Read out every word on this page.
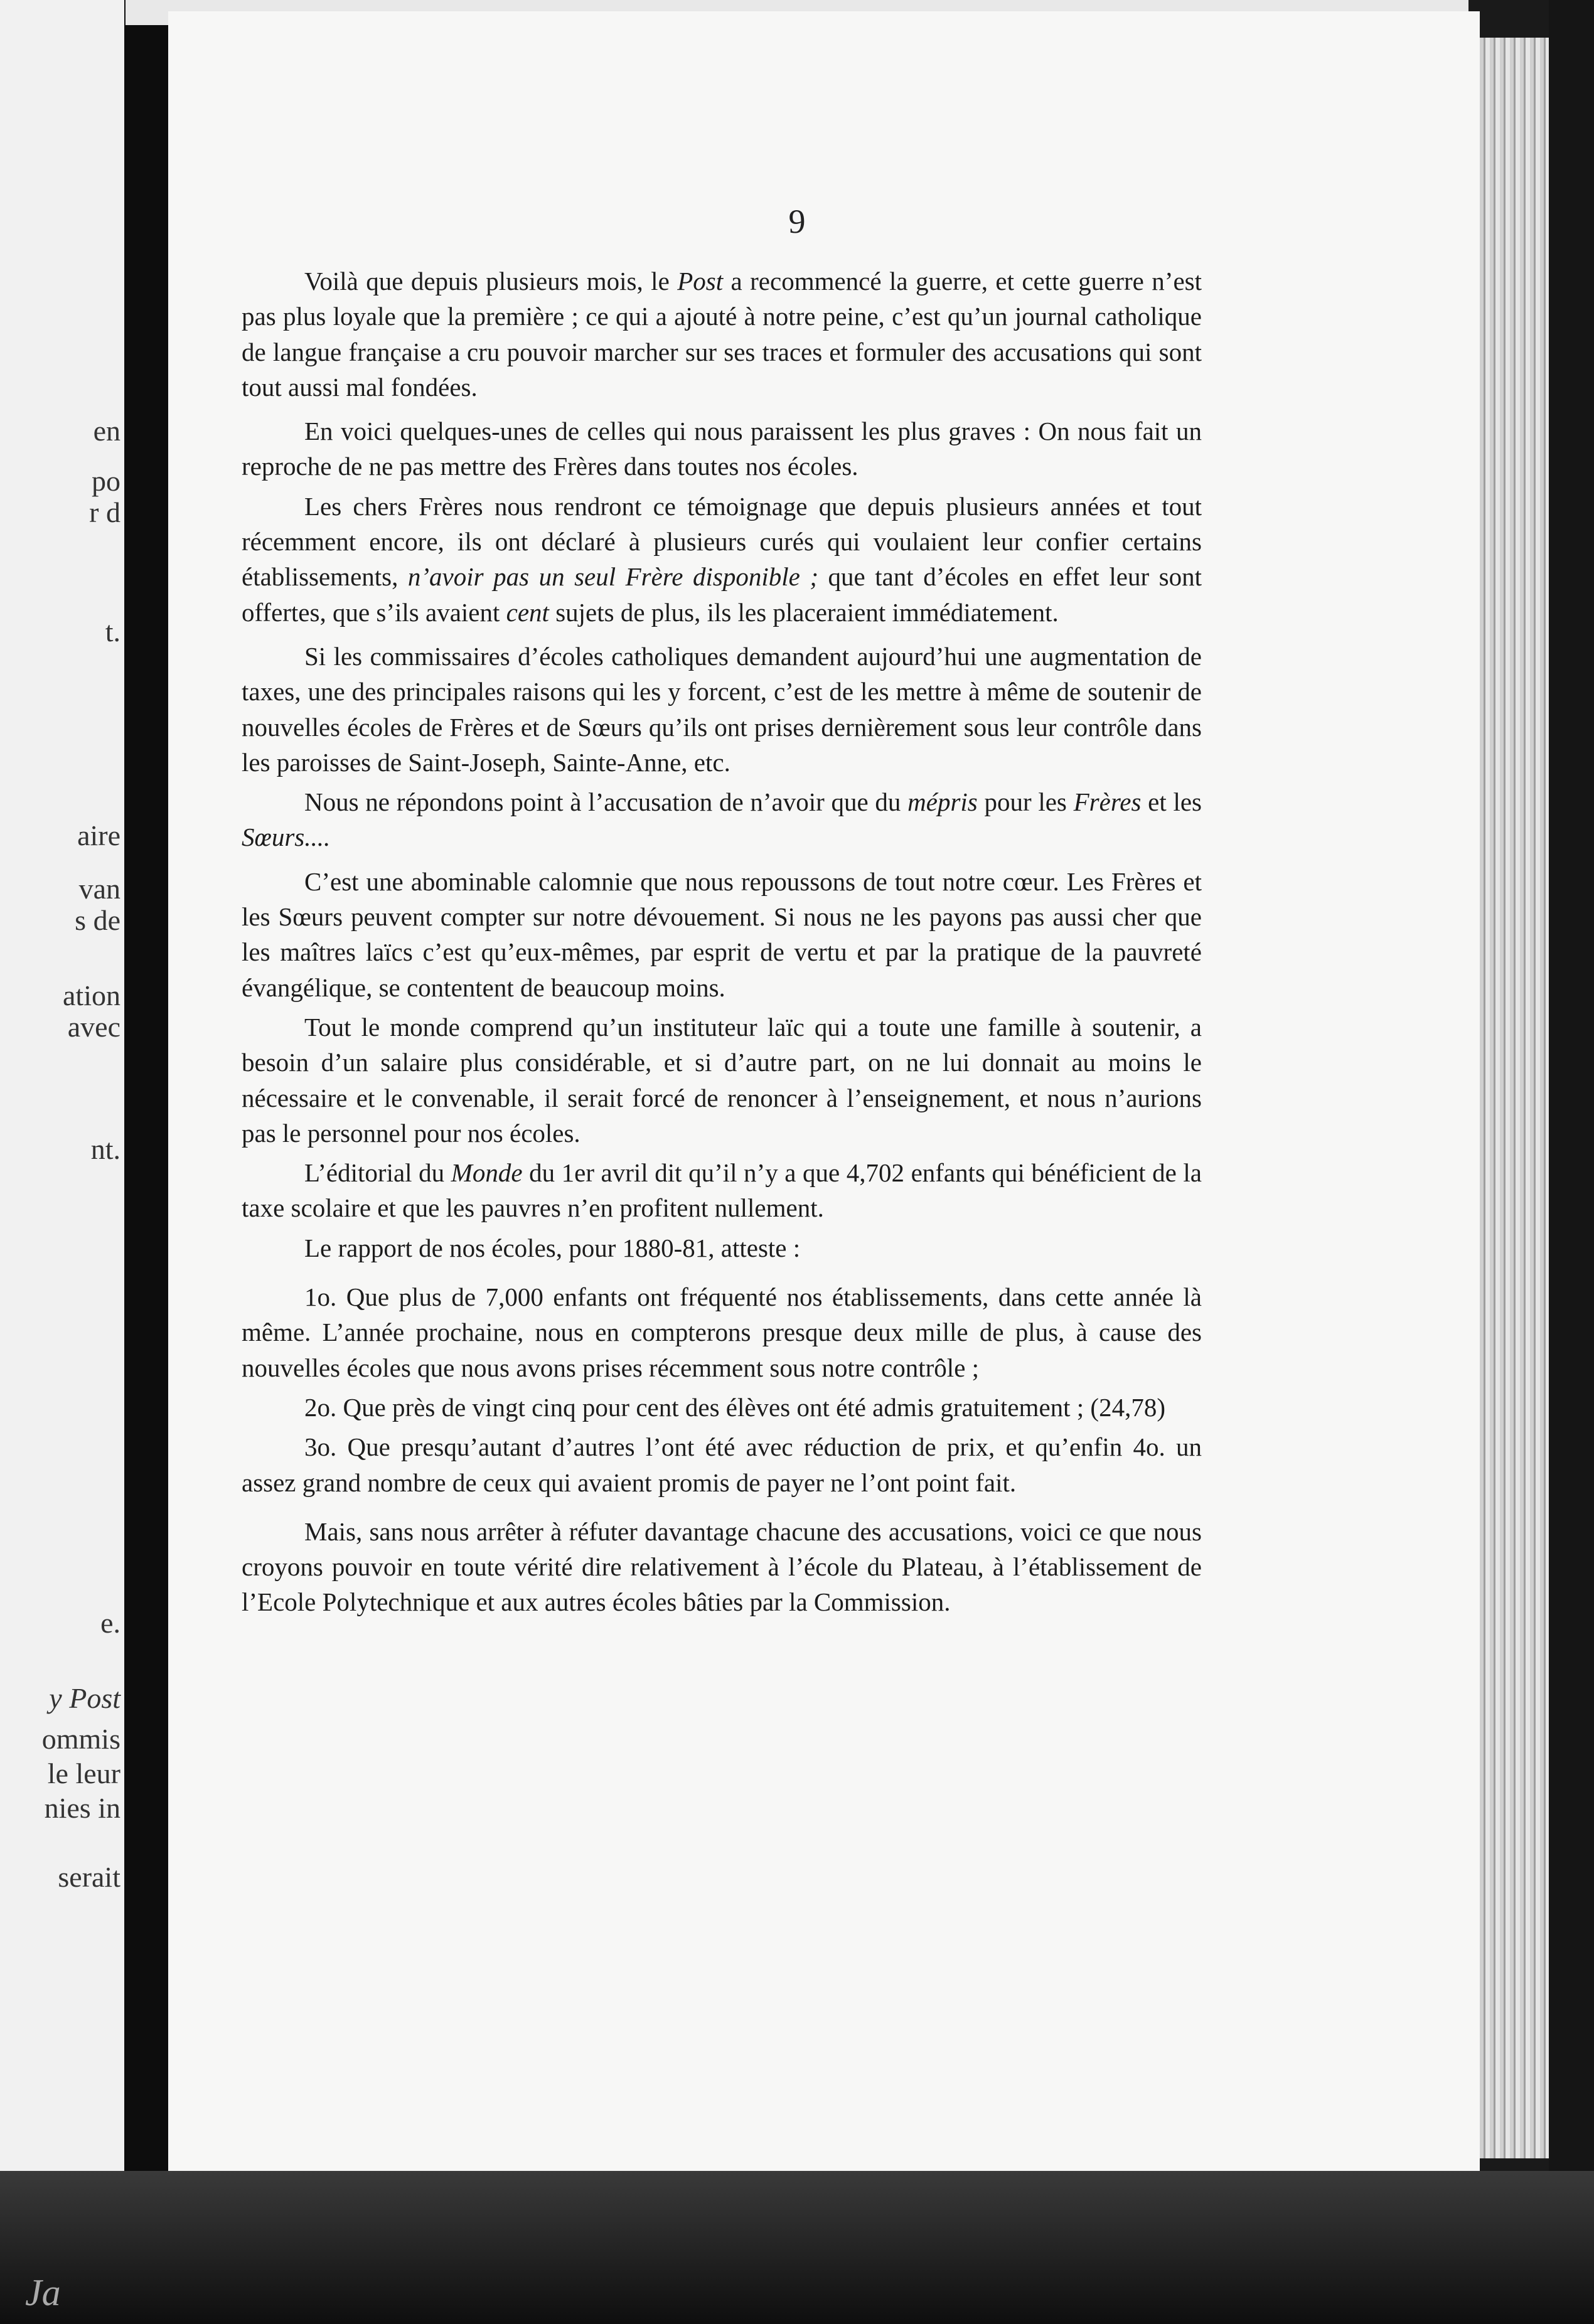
en
po
r d
t.
aire
van
s de
ation
avec
nt.
e.
y Post
ommis
le leur
nies in
serait
Ja
9

Voilà que depuis plusieurs mois, le Post a recommencé la guerre, et cette guerre n’est pas plus loyale que la première ; ce qui a ajouté à notre peine, c’est qu’un journal catholique de langue française a cru pouvoir marcher sur ses traces et formuler des accusations qui sont tout aussi mal fondées.

En voici quelques-unes de celles qui nous paraissent les plus graves : On nous fait un reproche de ne pas mettre des Frères dans toutes nos écoles.

Les chers Frères nous rendront ce témoignage que depuis plusieurs années et tout récemment encore, ils ont déclaré à plusieurs curés qui voulaient leur confier certains établissements, n’avoir pas un seul Frère disponible ; que tant d’écoles en effet leur sont offertes, que s’ils avaient cent sujets de plus, ils les placeraient immédiatement.

Si les commissaires d’écoles catholiques demandent aujourd’hui une augmentation de taxes, une des principales raisons qui les y forcent, c’est de les mettre à même de soutenir de nouvelles écoles de Frères et de Sœurs qu’ils ont prises dernièrement sous leur contrôle dans les paroisses de Saint-Joseph, Sainte-Anne, etc.

Nous ne répondons point à l’accusation de n’avoir que du mépris pour les Frères et les Sœurs....

C’est une abominable calomnie que nous repoussons de tout notre cœur. Les Frères et les Sœurs peuvent compter sur notre dévouement. Si nous ne les payons pas aussi cher que les maîtres laïcs c’est qu’eux-mêmes, par esprit de vertu et par la pratique de la pauvreté évangélique, se contentent de beaucoup moins.

Tout le monde comprend qu’un instituteur laïc qui a toute une famille à soutenir, a besoin d’un salaire plus considérable, et si d’autre part, on ne lui donnait au moins le nécessaire et le convenable, il serait forcé de renoncer à l’enseignement, et nous n’aurions pas le personnel pour nos écoles.

L’éditorial du Monde du 1er avril dit qu’il n’y a que 4,702 enfants qui bénéficient de la taxe scolaire et que les pauvres n’en profitent nullement.

Le rapport de nos écoles, pour 1880-81, atteste :

1o. Que plus de 7,000 enfants ont fréquenté nos établissements, dans cette année là même. L’année prochaine, nous en compterons presque deux mille de plus, à cause des nouvelles écoles que nous avons prises récemment sous notre contrôle ;

2o. Que près de vingt cinq pour cent des élèves ont été admis gratuitement ; (24,78)

3o. Que presqu’autant d’autres l’ont été avec réduction de prix, et qu’enfin 4o. un assez grand nombre de ceux qui avaient promis de payer ne l’ont point fait.

Mais, sans nous arrêter à réfuter davantage chacune des accusations, voici ce que nous croyons pouvoir en toute vérité dire relativement à l’école du Plateau, à l’établissement de l’Ecole Polytechnique et aux autres écoles bâties par la Commission.
